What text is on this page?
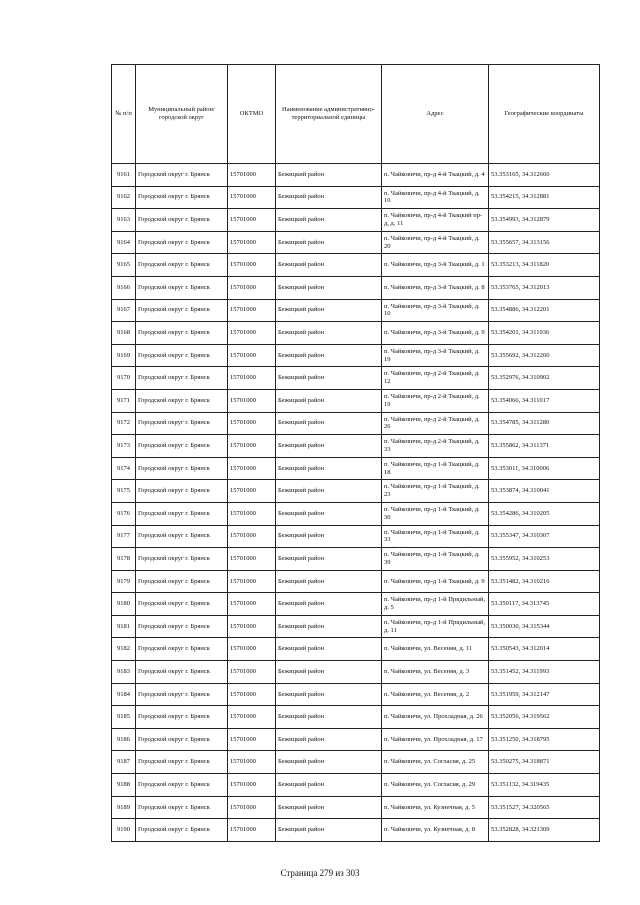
№ п/п	Муниципальный район/городской округ	ОКТМО	Наименование административно-территориальной единицы	Адрес	Географические координаты
9161	Городской округ г. Брянск	15701000	Бежицкий район	п. Чайковичи, пр-д 4-й Ткацкий, д. 4	53.353165, 34.312660
9162	Городской округ г. Брянск	15701000	Бежицкий район	п. Чайковичи, пр-д 4-й Ткацкий, д. 10	53.354215, 34.312881
9163	Городской округ г. Брянск	15701000	Бежицкий район	п. Чайковичи, пр-д 4-й Ткацкий пр-д, д. 11	53.354993, 34.312879
9164	Городской округ г. Брянск	15701000	Бежицкий район	п. Чайковичи, пр-д 4-й Ткацкий, д. 20	53.355657, 34.313156
9165	Городской округ г. Брянск	15701000	Бежицкий район	п. Чайковичи, пр-д 3-й Ткацкий, д. 1	53.353213, 34.311820
9166	Городской округ г. Брянск	15701000	Бежицкий район	п. Чайковичи, пр-д 3-й Ткацкий, д. 8	53.353765, 34.312013
9167	Городской округ г. Брянск	15701000	Бежицкий район	п. Чайковичи, пр-д 3-й Ткацкий, д. 10	53.354886, 34.312201
9168	Городской округ г. Брянск	15701000	Бежицкий район	п. Чайковичи, пр-д 3-й Ткацкий, д. 9	53.354201, 34.311936
9169	Городской округ г. Брянск	15701000	Бежицкий район	п. Чайковичи, пр-д 3-й Ткацкий, д. 19	53.355692, 34.312260
9170	Городской округ г. Брянск	15701000	Бежицкий район	п. Чайковичи, пр-д 2-й Ткацкий, д. 12	53.352976, 34.310902
9171	Городской округ г. Брянск	15701000	Бежицкий район	п. Чайковичи, пр-д 2-й Ткацкий, д. 19	53.354066, 34.311017
9172	Городской округ г. Брянск	15701000	Бежицкий район	п. Чайковичи, пр-д 2-й Ткацкий, д. 26	53.354785, 34.311280
9173	Городской округ г. Брянск	15701000	Бежицкий район	п. Чайковичи, пр-д 2-й Ткацкий, д. 33	53.355862, 34.311371
9174	Городской округ г. Брянск	15701000	Бежицкий район	п. Чайковичи, пр-д 1-й Ткацкий, д. 18	53.353011, 34.310006
9175	Городской округ г. Брянск	15701000	Бежицкий район	п. Чайковичи, пр-д 1-й Ткацкий, д. 23	53.353874, 34.310041
9176	Городской округ г. Брянск	15701000	Бежицкий район	п. Чайковичи, пр-д 1-й Ткацкий, д. 30	53.354286, 34.310205
9177	Городской округ г. Брянск	15701000	Бежицкий район	п. Чайковичи, пр-д 1-й Ткацкий, д. 33	53.355347, 34.310307
9178	Городской округ г. Брянск	15701000	Бежицкий район	п. Чайковичи, пр-д 1-й Ткацкий, д. 39	53.355952, 34.310253
9179	Городской округ г. Брянск	15701000	Бежицкий район	п. Чайковичи, пр-д 1-й Ткацкий, д. 9	53.351482, 34.310216
9180	Городской округ г. Брянск	15701000	Бежицкий район	п. Чайковичи, пр-д 1-й Прядильный, д. 5	53.350117, 34.313745
9181	Городской округ г. Брянск	15701000	Бежицкий район	п. Чайковичи, пр-д 1-й Прядильный, д. 11	53.350030, 34.315344
9182	Городской округ г. Брянск	15701000	Бежицкий район	п. Чайковичи, ул. Весеняя, д. 11	53.350543, 34.312014
9183	Городской округ г. Брянск	15701000	Бежицкий район	п. Чайковичи, ул. Весеняя, д. 3	53.351452, 34.311993
9184	Городской округ г. Брянск	15701000	Бежицкий район	п. Чайковичи, ул. Весеняя, д. 2	53.351959, 34.312147
9185	Городской округ г. Брянск	15701000	Бежицкий район	п. Чайковичи, ул. Прохладная, д. 26	53.352056, 34.319562
9186	Городской округ г. Брянск	15701000	Бежицкий район	п. Чайковичи, ул. Прохладная, д. 17	53.351250, 34.318795
9187	Городской округ г. Брянск	15701000	Бежицкий район	п. Чайковичи, ул. Согласия, д. 25	53.350275, 34.318871
9188	Городской округ г. Брянск	15701000	Бежицкий район	п. Чайковичи, ул. Согласия, д. 29	53.351132, 34.319435
9189	Городской округ г. Брянск	15701000	Бежицкий район	п. Чайковичи, ул. Кузнечная, д. 5	53.351527, 34.320565
9190	Городской округ г. Брянск	15701000	Бежицкий район	п. Чайковичи, ул. Кузнечная, д. 8	53.352828, 34.321309
Страница 279 из 303
